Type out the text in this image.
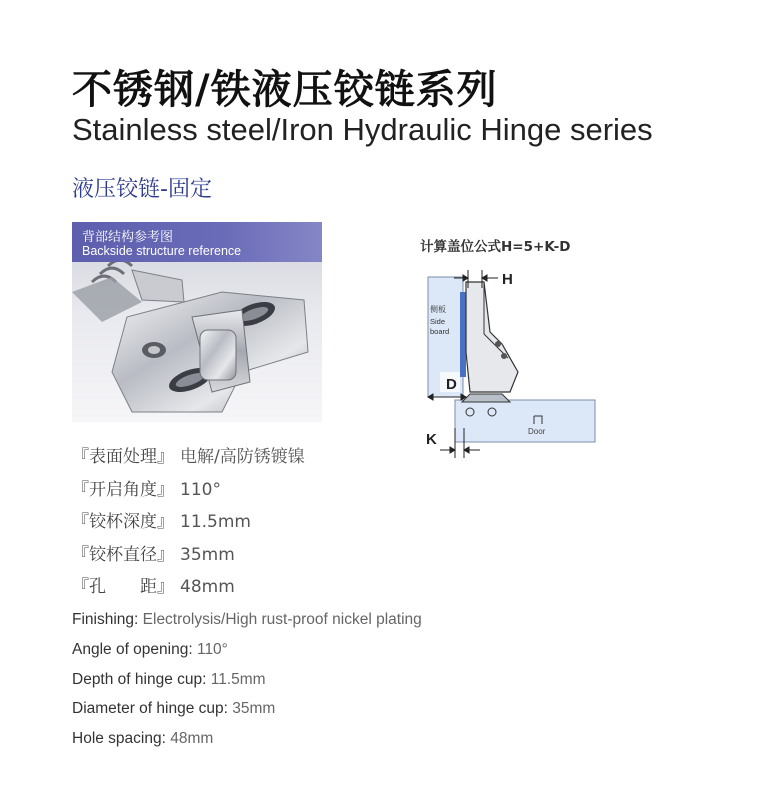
不锈钢/铁液压铰链系列
Stainless steel/Iron Hydraulic Hinge series
液压铰链-固定
背部结构参考图
Backside structure reference	计算盖位公式H=5+K-D
Door
侧板
Side
board
H
D
K
『表面处理』 电解/高防锈镀镍
『开启角度』 110°
『铰杯深度』 11.5mm
『铰杯直径』 35mm
『孔　　距』 48mm
Finishing: Electrolysis/High rust-proof nickel plating
Angle of opening: 110°
Depth of hinge cup: 11.5mm
Diameter of hinge cup: 35mm
Hole spacing: 48mm
